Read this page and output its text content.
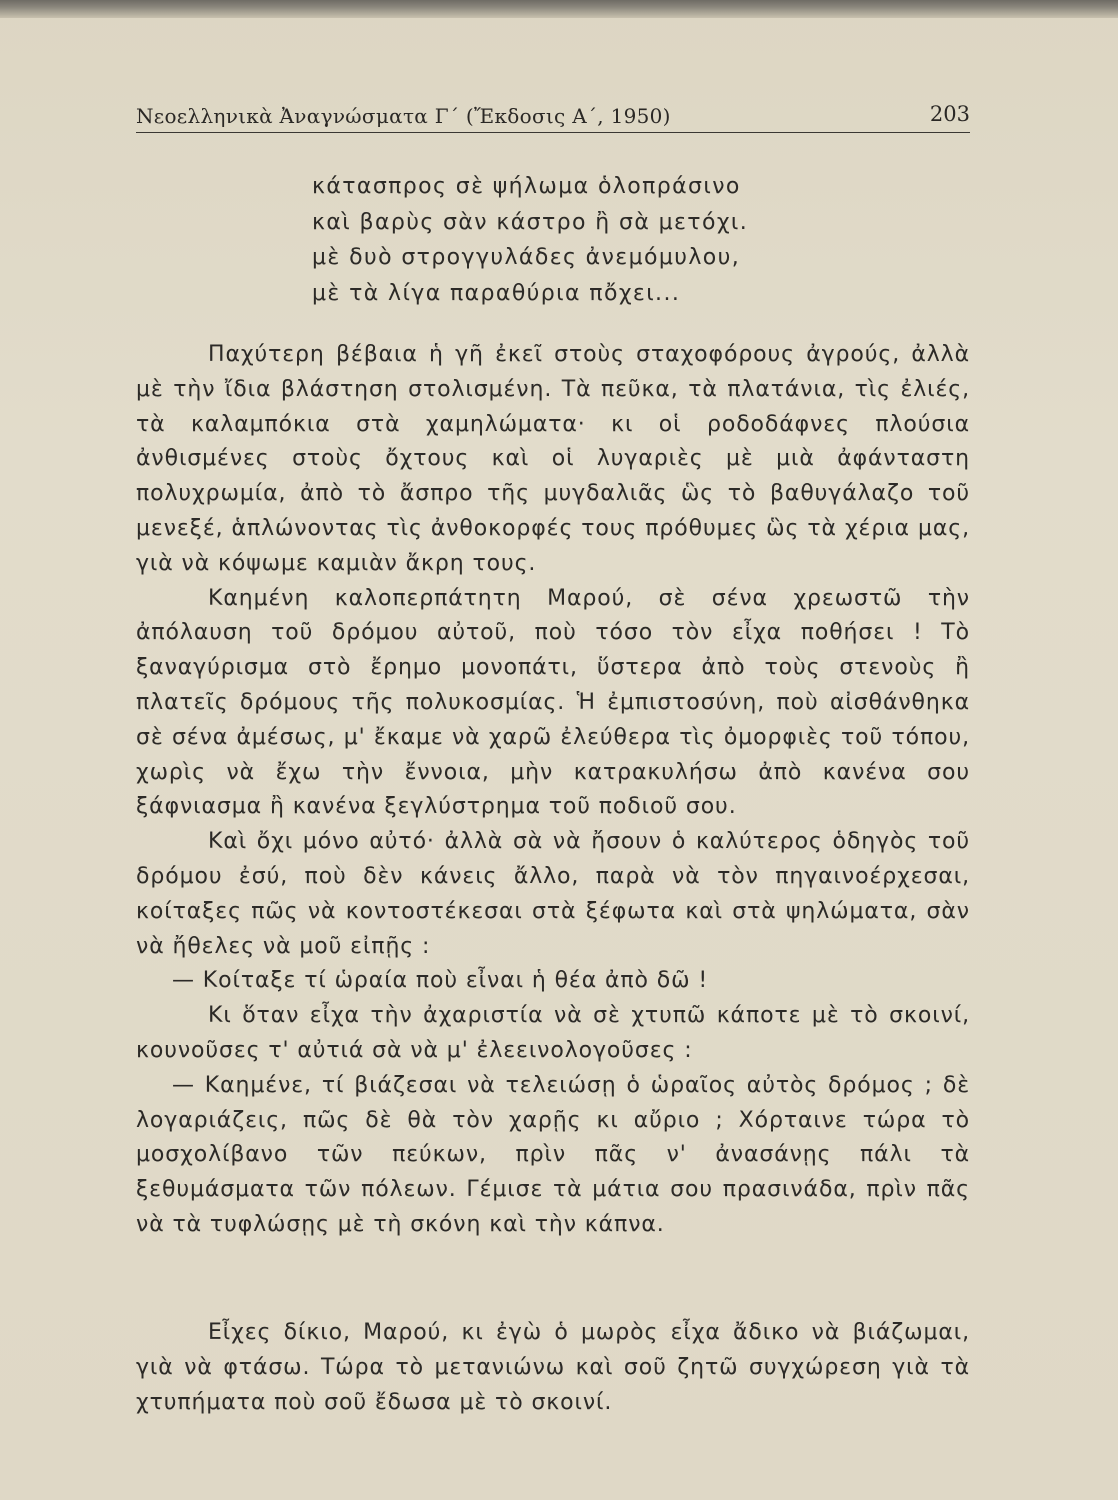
Νεοελληνικὰ Ἀναγνώσματα Γ΄ (Ἔκδοσις Α΄, 1950)	203
κάτασπρος σὲ ψήλωμα ὁλοπράσινο
καὶ βαρὺς σὰν κάστρο ἢ σὰ μετόχι.
μὲ δυὸ στρογγυλάδες ἀνεμόμυλου,
μὲ τὰ λίγα παραθύρια πὄχει...

Παχύτερη βέβαια ἡ γῆ ἐκεῖ στοὺς σταχοφόρους ἀγρούς, ἀλλὰ μὲ τὴν ἴδια βλάστηση στολισμένη. Τὰ πεῦκα, τὰ πλατάνια, τὶς ἐλιές, τὰ καλαμπόκια στὰ χαμηλώματα· κι οἱ ροδοδάφνες πλούσια ἀνθισμένες στοὺς ὄχτους καὶ οἱ λυγαριὲς μὲ μιὰ ἀφάνταστη πολυχρωμία, ἀπὸ τὸ ἄσπρο τῆς μυγδαλιᾶς ὣς τὸ βαθυγάλαζο τοῦ μενεξέ, ἁπλώνοντας τὶς ἀνθοκορφές τους πρόθυμες ὣς τὰ χέρια μας, γιὰ νὰ κόψωμε καμιὰν ἄκρη τους.

Καημένη καλοπερπάτητη Μαρού, σὲ σένα χρεωστῶ τὴν ἀπόλαυση τοῦ δρόμου αὐτοῦ, ποὺ τόσο τὸν εἶχα ποθήσει ! Τὸ ξαναγύρισμα στὸ ἔρημο μονοπάτι, ὕστερα ἀπὸ τοὺς στενοὺς ἢ πλατεῖς δρόμους τῆς πολυκοσμίας. Ἡ ἐμπιστοσύνη, ποὺ αἰσθάνθηκα σὲ σένα ἀμέσως, μ' ἔκαμε νὰ χαρῶ ἐλεύθερα τὶς ὀμορφιὲς τοῦ τόπου, χωρὶς νὰ ἔχω τὴν ἔννοια, μὴν κατρακυλήσω ἀπὸ κανένα σου ξάφνιασμα ἢ κανένα ξεγλύστρημα τοῦ ποδιοῦ σου.

Καὶ ὄχι μόνο αὐτό· ἀλλὰ σὰ νὰ ἤσουν ὁ καλύτερος ὁδηγὸς τοῦ δρόμου ἐσύ, ποὺ δὲν κάνεις ἄλλο, παρὰ νὰ τὸν πηγαινοέρχεσαι, κοίταξες πῶς νὰ κοντοστέκεσαι στὰ ξέφωτα καὶ στὰ ψηλώματα, σὰν νὰ ἤθελες νὰ μοῦ εἰπῇς :

— Κοίταξε τί ὡραία ποὺ εἶναι ἡ θέα ἀπὸ δῶ !

Κι ὅταν εἶχα τὴν ἀχαριστία νὰ σὲ χτυπῶ κάποτε μὲ τὸ σκοινί, κουνοῦσες τ' αὐτιά σὰ νὰ μ' ἐλεεινολογοῦσες :

— Καημένε, τί βιάζεσαι νὰ τελειώσῃ ὁ ὡραῖος αὐτὸς δρόμος ; δὲ λογαριάζεις, πῶς δὲ θὰ τὸν χαρῇς κι αὔριο ; Χόρταινε τώρα τὸ μοσχολίβανο τῶν πεύκων, πρὶν πᾶς ν' ἀνασάνῃς πάλι τὰ ξεθυμάσματα τῶν πόλεων. Γέμισε τὰ μάτια σου πρασινάδα, πρὶν πᾶς νὰ τὰ τυφλώσῃς μὲ τὴ σκόνη καὶ τὴν κάπνα.

Εἶχες δίκιο, Μαρού, κι ἐγὼ ὁ μωρὸς εἶχα ἄδικο νὰ βιάζωμαι, γιὰ νὰ φτάσω. Τώρα τὸ μετανιώνω καὶ σοῦ ζητῶ συγχώρεση γιὰ τὰ χτυπήματα ποὺ σοῦ ἔδωσα μὲ τὸ σκοινί.
